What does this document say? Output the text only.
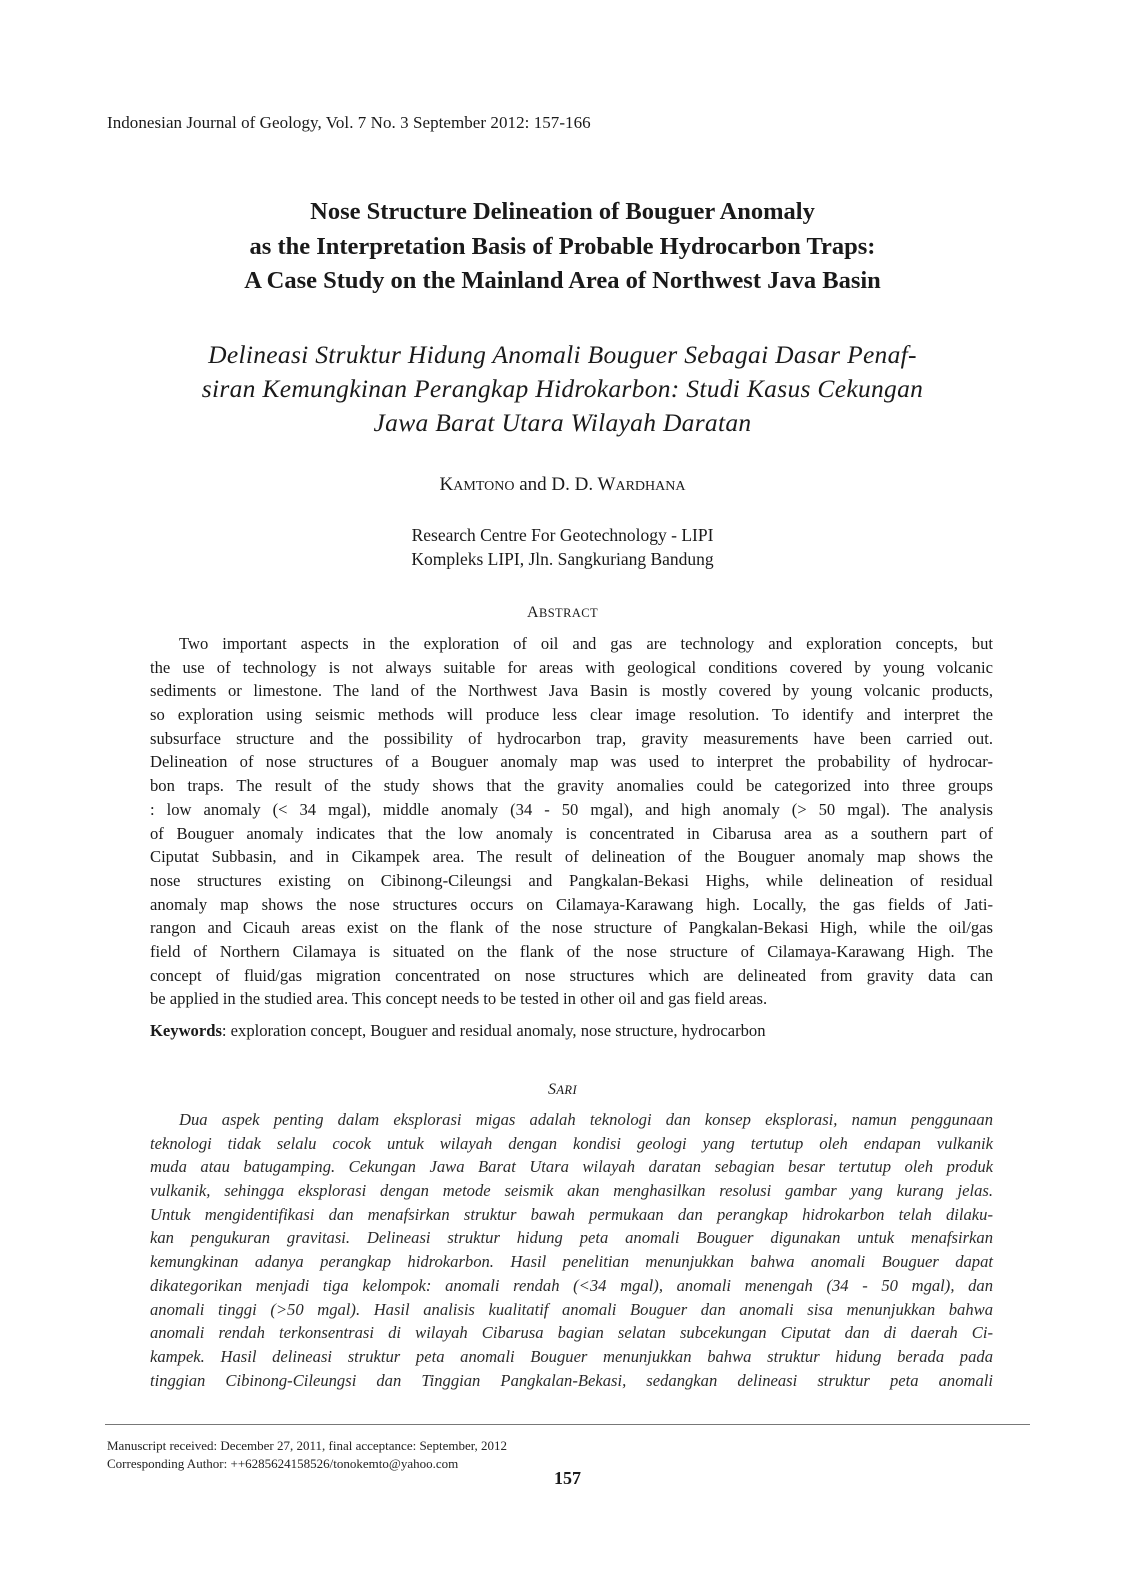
Indonesian Journal of Geology, Vol. 7 No. 3 September 2012: 157-166
Nose Structure Delineation of Bouguer Anomaly
as the Interpretation Basis of Probable Hydrocarbon Traps:
A Case Study on the Mainland Area of Northwest Java Basin
Delineasi Struktur Hidung Anomali Bouguer Sebagai Dasar Penaf-
siran Kemungkinan Perangkap Hidrokarbon: Studi Kasus Cekungan
Jawa Barat Utara Wilayah Daratan
KAMTONO and D. D. WARDHANA
Research Centre For Geotechnology - LIPI
Kompleks LIPI, Jln. Sangkuriang Bandung
ABSTRACT
Two important aspects in the exploration of oil and gas are technology and exploration concepts, but
the use of technology is not always suitable for areas with geological conditions covered by young volcanic
sediments or limestone. The land of the Northwest Java Basin is mostly covered by young volcanic products,
so exploration using seismic methods will produce less clear image resolution. To identify and interpret the
subsurface structure and the possibility of hydrocarbon trap, gravity measurements have been carried out.
Delineation of nose structures of a Bouguer anomaly map was used to interpret the probability of hydrocar-
bon traps. The result of the study shows that the gravity anomalies could be categorized into three groups
: low anomaly (< 34 mgal), middle anomaly (34 - 50 mgal), and high anomaly (> 50 mgal). The analysis
of Bouguer anomaly indicates that the low anomaly is concentrated in Cibarusa area as a southern part of
Ciputat Subbasin, and in Cikampek area. The result of delineation of the Bouguer anomaly map shows the
nose structures existing on Cibinong-Cileungsi and Pangkalan-Bekasi Highs, while delineation of residual
anomaly map shows the nose structures occurs on Cilamaya-Karawang high. Locally, the gas fields of Jati-
rangon and Cicauh areas exist on the flank of the nose structure of Pangkalan-Bekasi High, while the oil/gas
field of Northern Cilamaya is situated on the flank of the nose structure of Cilamaya-Karawang High. The
concept of fluid/gas migration concentrated on nose structures which are delineated from gravity data can
be applied in the studied area. This concept needs to be tested in other oil and gas field areas.
Keywords: exploration concept, Bouguer and residual anomaly, nose structure, hydrocarbon
SARI
Dua aspek penting dalam eksplorasi migas adalah teknologi dan konsep eksplorasi, namun penggunaan
teknologi tidak selalu cocok untuk wilayah dengan kondisi geologi yang tertutup oleh endapan vulkanik
muda atau batugamping. Cekungan Jawa Barat Utara wilayah daratan sebagian besar tertutup oleh produk
vulkanik, sehingga eksplorasi dengan metode seismik akan menghasilkan resolusi gambar yang kurang jelas.
Untuk mengidentifikasi dan menafsirkan struktur bawah permukaan dan perangkap hidrokarbon telah dilaku-
kan pengukuran gravitasi. Delineasi struktur hidung peta anomali Bouguer digunakan untuk menafsirkan
kemungkinan adanya perangkap hidrokarbon. Hasil penelitian menunjukkan bahwa anomali Bouguer dapat
dikategorikan menjadi tiga kelompok: anomali rendah (<34 mgal), anomali menengah (34 - 50 mgal), dan
anomali tinggi (>50 mgal). Hasil analisis kualitatif anomali Bouguer dan anomali sisa menunjukkan bahwa
anomali rendah terkonsentrasi di wilayah Cibarusa bagian selatan subcekungan Ciputat dan di daerah Ci-
kampek. Hasil delineasi struktur peta anomali Bouguer menunjukkan bahwa struktur hidung berada pada
tinggian Cibinong-Cileungsi dan Tinggian Pangkalan-Bekasi, sedangkan delineasi struktur peta anomali
Manuscript received: December 27, 2011, final acceptance: September, 2012
Corresponding Author: ++6285624158526/tonokemto@yahoo.com
157
